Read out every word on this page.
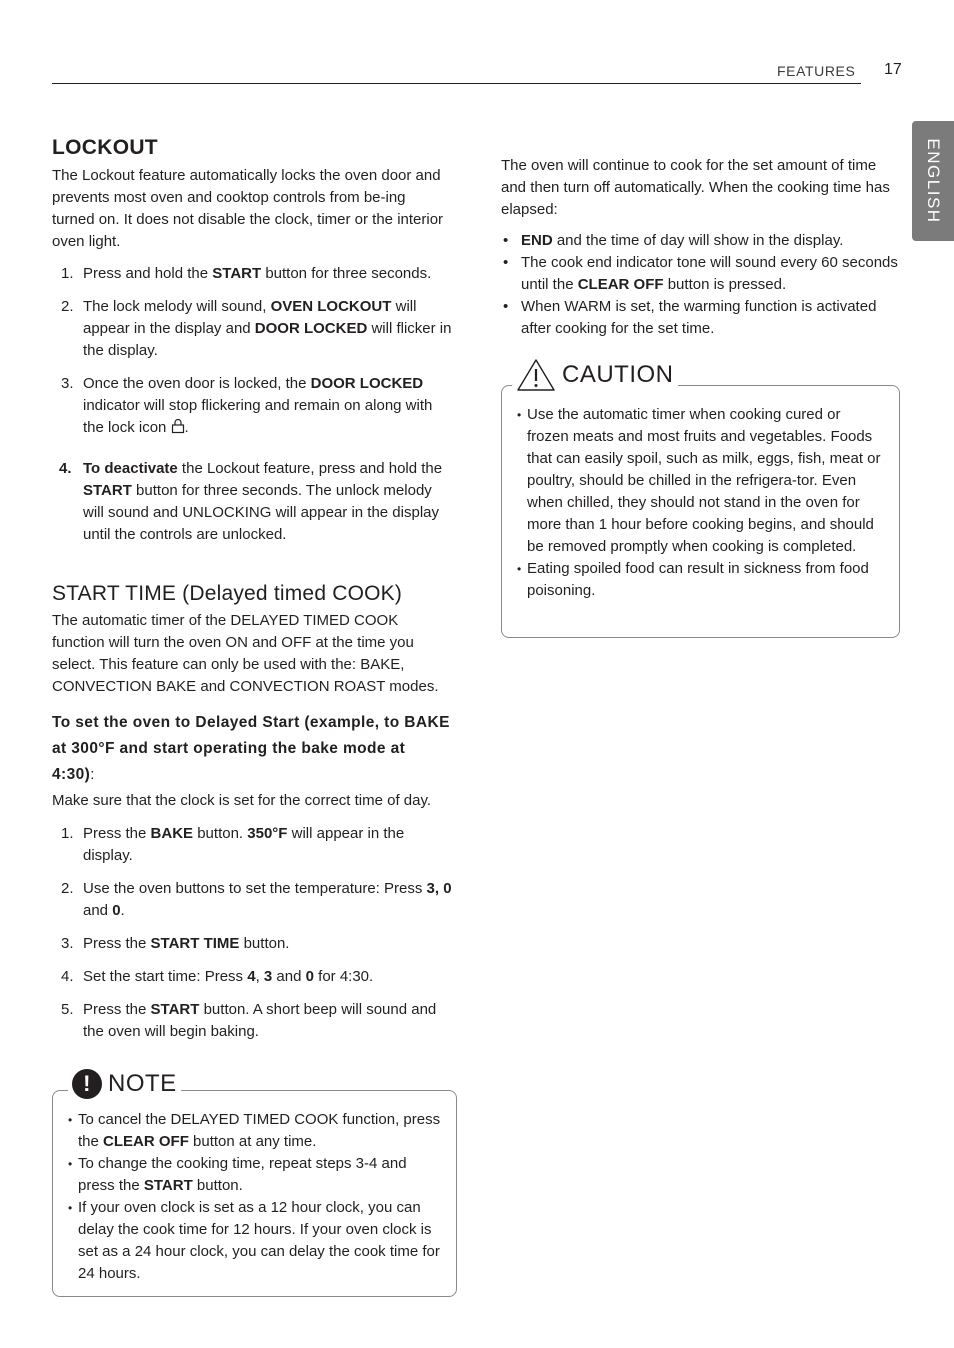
FEATURES 17
ENGLISH
LOCKOUT

The Lockout feature automatically locks the oven door and prevents most oven and cooktop controls from be-ing turned on. It does not disable the clock, timer or the interior oven light.

1. Press and hold the START button for three seconds.
2. The lock melody will sound, OVEN LOCKOUT will appear in the display and DOOR LOCKED will flicker in the display.
3. Once the oven door is locked, the DOOR LOCKED indicator will stop flickering and remain on along with the lock icon .
4. To deactivate the Lockout feature, press and hold the START button for three seconds. The unlock melody will sound and UNLOCKING will appear in the display until the controls are unlocked.
START TIME (Delayed timed COOK)

The automatic timer of the DELAYED TIMED COOK function will turn the oven ON and OFF at the time you select. This feature can only be used with the: BAKE, CONVECTION BAKE and CONVECTION ROAST modes.

To set the oven to Delayed Start (example, to BAKE at 300°F and start operating the bake mode at 4:30):

Make sure that the clock is set for the correct time of day.

1. Press the BAKE button. 350°F will appear in the display.
2. Use the oven buttons to set the temperature: Press 3, 0 and 0.
3. Press the START TIME button.
4. Set the start time: Press 4, 3 and 0 for 4:30.
5. Press the START button. A short beep will sound and the oven will begin baking.
! NOTE
• To cancel the DELAYED TIMED COOK function, press the CLEAR OFF button at any time.
• To change the cooking time, repeat steps 3-4 and press the START button.
• If your oven clock is set as a 12 hour clock, you can delay the cook time for 12 hours. If your oven clock is set as a 24 hour clock, you can delay the cook time for 24 hours.

The oven will continue to cook for the set amount of time and then turn off automatically. When the cooking time has elapsed:

• END and the time of day will show in the display.
• The cook end indicator tone will sound every 60 seconds until the CLEAR OFF button is pressed.
• When WARM is set, the warming function is activated after cooking for the set time.
CAUTION
• Use the automatic timer when cooking cured or frozen meats and most fruits and vegetables. Foods that can easily spoil, such as milk, eggs, fish, meat or poultry, should be chilled in the refrigera-tor. Even when chilled, they should not stand in the oven for more than 1 hour before cooking begins, and should be removed promptly when cooking is completed.
• Eating spoiled food can result in sickness from food poisoning.
